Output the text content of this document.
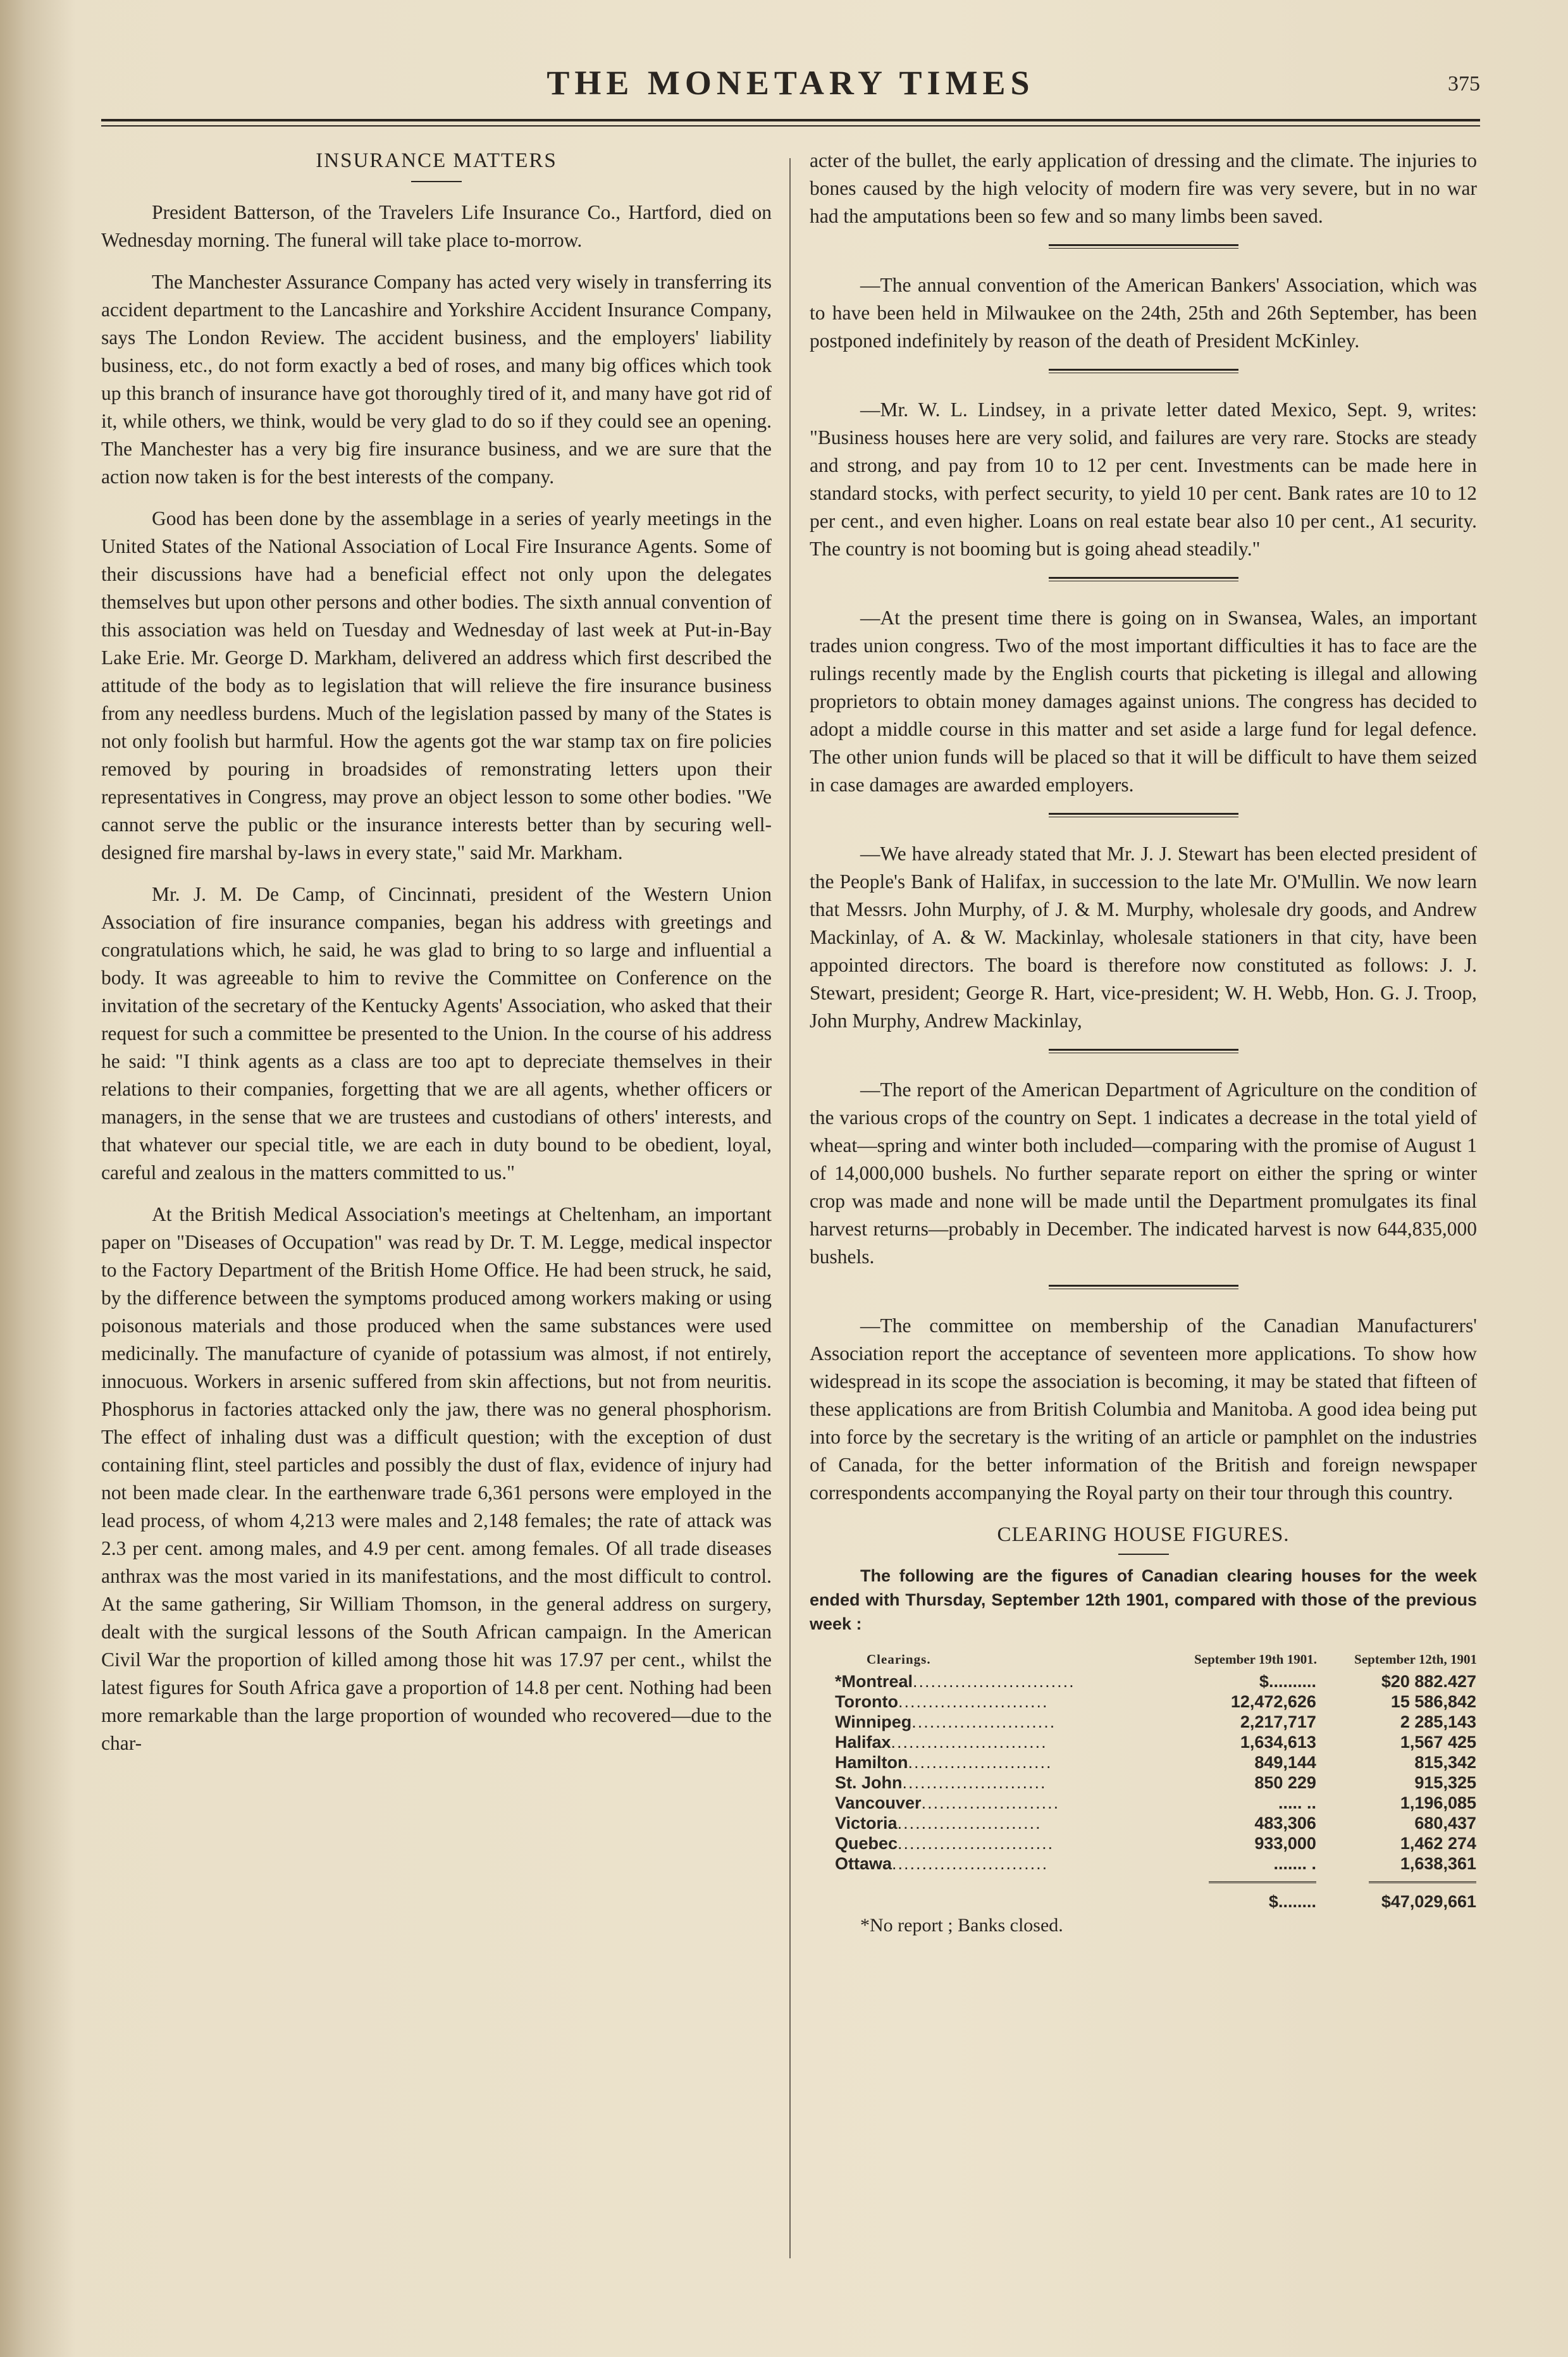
THE MONETARY TIMES	375
INSURANCE MATTERS

President Batterson, of the Travelers Life Insurance Co., Hartford, died on Wednesday morning. The funeral will take place to-morrow.

The Manchester Assurance Company has acted very wisely in transferring its accident department to the Lancashire and Yorkshire Accident Insurance Company, says The London Review. The accident business, and the employers' liability business, etc., do not form exactly a bed of roses, and many big offices which took up this branch of insurance have got thoroughly tired of it, and many have got rid of it, while others, we think, would be very glad to do so if they could see an opening. The Manchester has a very big fire insurance business, and we are sure that the action now taken is for the best interests of the company.

Good has been done by the assemblage in a series of yearly meetings in the United States of the National Association of Local Fire Insurance Agents. Some of their discussions have had a beneficial effect not only upon the delegates themselves but upon other persons and other bodies. The sixth annual convention of this association was held on Tuesday and Wednesday of last week at Put-in-Bay Lake Erie. Mr. George D. Markham, delivered an address which first described the attitude of the body as to legislation that will relieve the fire insurance business from any needless burdens. Much of the legislation passed by many of the States is not only foolish but harmful. How the agents got the war stamp tax on fire policies removed by pouring in broadsides of remonstrating letters upon their representatives in Congress, may prove an object lesson to some other bodies. "We cannot serve the public or the insurance interests better than by securing well-designed fire marshal by-laws in every state," said Mr. Markham.

Mr. J. M. De Camp, of Cincinnati, president of the Western Union Association of fire insurance companies, began his address with greetings and congratulations which, he said, he was glad to bring to so large and influential a body. It was agreeable to him to revive the Committee on Conference on the invitation of the secretary of the Kentucky Agents' Association, who asked that their request for such a committee be presented to the Union. In the course of his address he said: "I think agents as a class are too apt to depreciate themselves in their relations to their companies, forgetting that we are all agents, whether officers or managers, in the sense that we are trustees and custodians of others' interests, and that whatever our special title, we are each in duty bound to be obedient, loyal, careful and zealous in the matters committed to us."

At the British Medical Association's meetings at Cheltenham, an important paper on "Diseases of Occupation" was read by Dr. T. M. Legge, medical inspector to the Factory Department of the British Home Office. He had been struck, he said, by the difference between the symptoms produced among workers making or using poisonous materials and those produced when the same substances were used medicinally. The manufacture of cyanide of potassium was almost, if not entirely, innocuous. Workers in arsenic suffered from skin affections, but not from neuritis. Phosphorus in factories attacked only the jaw, there was no general phosphorism. The effect of inhaling dust was a difficult question; with the exception of dust containing flint, steel particles and possibly the dust of flax, evidence of injury had not been made clear. In the earthenware trade 6,361 persons were employed in the lead process, of whom 4,213 were males and 2,148 females; the rate of attack was 2.3 per cent. among males, and 4.9 per cent. among females. Of all trade diseases anthrax was the most varied in its manifestations, and the most difficult to control. At the same gathering, Sir William Thomson, in the general address on surgery, dealt with the surgical lessons of the South African campaign. In the American Civil War the proportion of killed among those hit was 17.97 per cent., whilst the latest figures for South Africa gave a proportion of 14.8 per cent. Nothing had been more remarkable than the large proportion of wounded who recovered—due to the char-

acter of the bullet, the early application of dressing and the climate. The injuries to bones caused by the high velocity of modern fire was very severe, but in no war had the amputations been so few and so many limbs been saved.

—The annual convention of the American Bankers' Association, which was to have been held in Milwaukee on the 24th, 25th and 26th September, has been postponed indefinitely by reason of the death of President McKinley.

—Mr. W. L. Lindsey, in a private letter dated Mexico, Sept. 9, writes: "Business houses here are very solid, and failures are very rare. Stocks are steady and strong, and pay from 10 to 12 per cent. Investments can be made here in standard stocks, with perfect security, to yield 10 per cent. Bank rates are 10 to 12 per cent., and even higher. Loans on real estate bear also 10 per cent., A1 security. The country is not booming but is going ahead steadily."

—At the present time there is going on in Swansea, Wales, an important trades union congress. Two of the most important difficulties it has to face are the rulings recently made by the English courts that picketing is illegal and allowing proprietors to obtain money damages against unions. The congress has decided to adopt a middle course in this matter and set aside a large fund for legal defence. The other union funds will be placed so that it will be difficult to have them seized in case damages are awarded employers.

—We have already stated that Mr. J. J. Stewart has been elected president of the People's Bank of Halifax, in succession to the late Mr. O'Mullin. We now learn that Messrs. John Murphy, of J. & M. Murphy, wholesale dry goods, and Andrew Mackinlay, of A. & W. Mackinlay, wholesale stationers in that city, have been appointed directors. The board is therefore now constituted as follows: J. J. Stewart, president; George R. Hart, vice-president; W. H. Webb, Hon. G. J. Troop, John Murphy, Andrew Mackinlay,

—The report of the American Department of Agriculture on the condition of the various crops of the country on Sept. 1 indicates a decrease in the total yield of wheat—spring and winter both included—comparing with the promise of August 1 of 14,000,000 bushels. No further separate report on either the spring or winter crop was made and none will be made until the Department promulgates its final harvest returns—probably in December. The indicated harvest is now 644,835,000 bushels.

—The committee on membership of the Canadian Manufacturers' Association report the acceptance of seventeen more applications. To show how widespread in its scope the association is becoming, it may be stated that fifteen of these applications are from British Columbia and Manitoba. A good idea being put into force by the secretary is the writing of an article or pamphlet on the industries of Canada, for the better information of the British and foreign newspaper correspondents accompanying the Royal party on their tour through this country.

CLEARING HOUSE FIGURES.

The following are the figures of Canadian clearing houses for the week ended with Thursday, September 12th 1901, compared with those of the previous week :

Clearings.	September 19th 1901.	September 12th, 1901
*Montreal...........................	$..........	$20 882.427
Toronto.........................	12,472,626	15 586,842
Winnipeg........................	2,217,717	2 285,143
Halifax..........................	1,634,613	1,567 425
Hamilton........................	849,144	815,342
St. John........................	850 229	915,325
Vancouver.......................	..... ..	1,196,085
Victoria........................	483,306	680,437
Quebec..........................	933,000	1,462 274
Ottawa..........................	....... .	1,638,361
	$........	$47,029,661

*No report ; Banks closed.
